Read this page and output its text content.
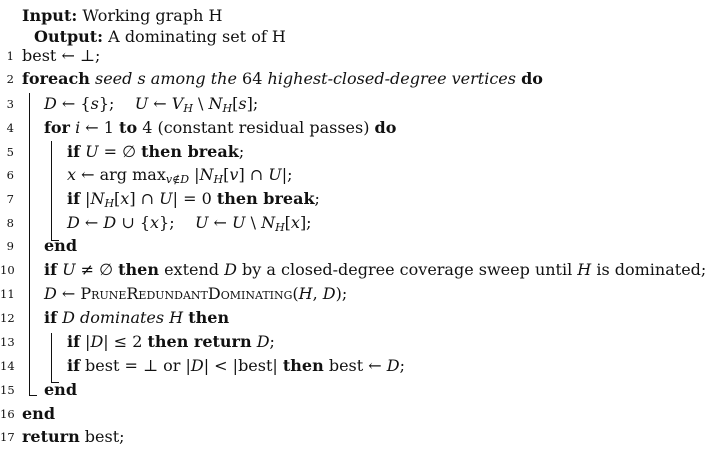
Input: Working graph H
Output: A dominating set of H
1 best ← ⊥;
2 foreach seed s among the 64 highest-closed-degree vertices do
3 D ← {s};    U ← $V_H$ \ $N_H[s]$;
4 for i ← 1 to 4 (constant residual passes) do
5	if U = ∅ then break;
6	x ← arg $\max_{v\notin D} |N_H[v]$ ∩ U|;
7	if $|N_H[x]$ ∩ U| = 0 then break;
8	D ← D ∪ {x};    U ← U \ $N_H[x]$;
9 end
10 if U ≠ ∅ then extend D by a closed-degree coverage sweep until H is dominated;
11 D ← PruneRedundantDominating(H, D);
12 if D dominates H then
13	if |D| ≤ 2 then return D;
14	if best = ⊥ or |D| < |best| then best ← D;
15 end
16 end
17 return best;
